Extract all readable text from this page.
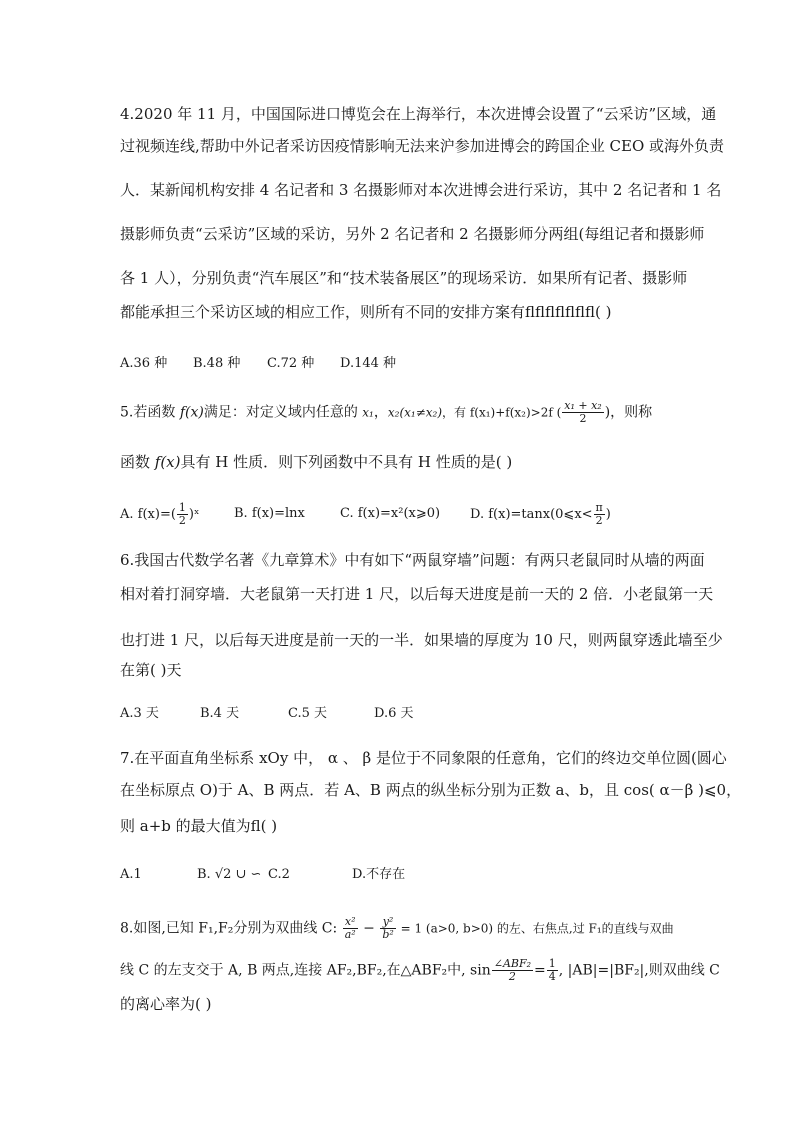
4.2020 年 11 月，中国国际进口博览会在上海举行，本次进博会设置了“云采访”区域，通
过视频连线,帮助中外记者采访因疫情影响无法来沪参加进博会的跨国企业 CEO 或海外负责
人．某新闻机构安排 4 名记者和 3 名摄影师对本次进博会进行采访，其中 2 名记者和 1 名
摄影师负责“云采访”区域的采访，另外 2 名记者和 2 名摄影师分两组(每组记者和摄影师
各 1 人），分别负责“汽车展区”和“技术装备展区”的现场采访．如果所有记者、摄影师
都能承担三个采访区域的相应工作，则所有不同的安排方案有flflflflflflfl( )
A.36 种 B.48 种 C.72 种 D.144 种
5.若函数 f(x)满足：对定义域内任意的 x₁，x₂(x₁≠x₂)，有 f(x₁)+f(x₂)>2f ( $\frac{\text{x₁ + x₂}}{2}$ )，则称
函数 f(x)具有 H 性质．则下列函数中不具有 H 性质的是( )
A. $f(x)=( \frac{1}{2}$ )ˣ	B. f(x)=lnx	C. f(x)=x²(x⩾0) D. f(x)=tanx(0⩽x< $\frac{\pi}{2}$ )
6.我国古代数学名著《九章算术》中有如下“两鼠穿墙”问题：有两只老鼠同时从墙的两面
相对着打洞穿墙．大老鼠第一天打进 1 尺，以后每天进度是前一天的 2 倍．小老鼠第一天
也打进 1 尺，以后每天进度是前一天的一半．如果墙的厚度为 10 尺，则两鼠穿透此墙至少
在第( )天
A.3 天	B.4 天	C.5 天	D.6 天
7.在平面直角坐标系 xOy 中， α 、 β 是位于不同象限的任意角，它们的终边交单位圆(圆心
在坐标原点 O)于 A、B 两点．若 A、B 两点的纵坐标分别为正数 a、b，且 cos( α－β )⩽0，
则 a+b 的最大值为fl( )
A.1	B. √2 ∪ ∽ C.2	D.不存在
8.如图,已知 F₁,F₂分别为双曲线 C: $\frac{\text{x²}}{\text{a²}} - \frac{\text{y²}}{\text{b²}} = 1$ (a>0, b>0) 的左、右焦点,过 F₁的直线与双曲
线 C 的左支交于 A, B 两点,连接 AF₂,BF₂,在△ABF₂中, $\sin \frac{\text{∠ABF₂}}{2} = \frac{1}{4}$ , |AB|=|BF₂|,则双曲线 C
的离心率为( )
